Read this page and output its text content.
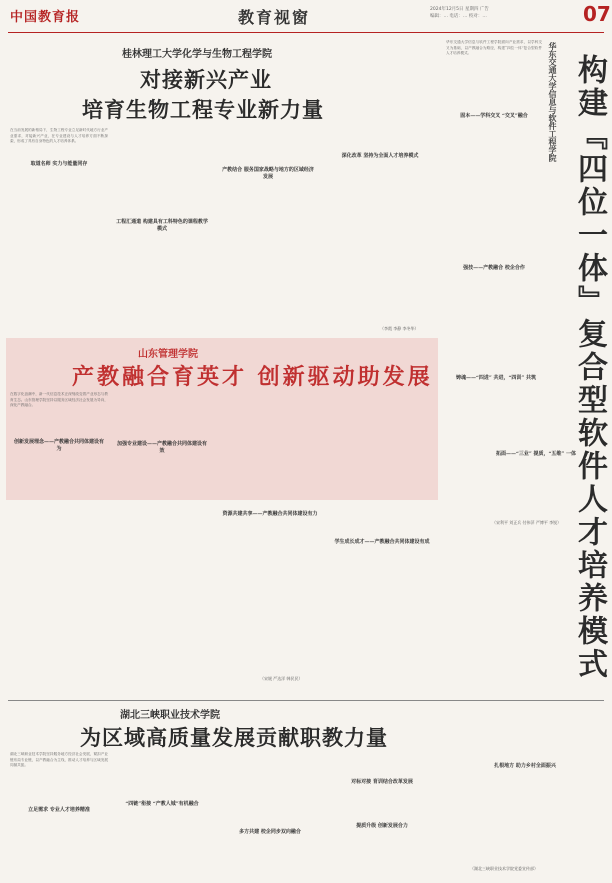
中国教育报	教育视窗	2024年12月5日 星期四 广告
编辑：… 电话：… 校对：…	07
桂林理工大学化学与生物工程学院
对接新兴产业
培育生物工程专业新力量
在当前发展的新格局下，生物工程专业立足新时代地方行业产业需求，对接新兴产业，在专业建设与人才培养方面不断探索，形成了具有自身特色的人才培养体系。
取道名师 实力与能量同存
工程汇通道 构建具有工科特色的课程教学模式
产教结合 服务国家战略与地方的区域经济发展
深化改革 坚持为全面人才培养模式
（李霞 李静 李冬华）
华东交通大学信息与软件工程学院 构建『四位一体』复合型软件人才培养模式
华东交通大学信息与软件工程学院面向产业需求，以学科交叉为基础，以产教融合为路径，构建“四位一体”复合型软件人才培养模式。
固本——学科交叉 “交叉”融合
强技——产教融合 校企合作
铸魂——“四进” 共进，“四训” 共筑
拓面——“三业” 提质，“五维” 一体
（宋利平 刘正兵 付伟萍 严博平 李锐）
山东管理学院
产教融合育英才 创新驱动助发展
在数字化浪潮中，新一代信息技术正深刻改变着产业形态与教育生态。山东管理学院坚持以服务区域经济社会发展为导向，深化产教融合。
创新发展理念——产教融合共同体建设有为
加强专业建设——产教融合共同体建设有效
资源共建共享——产教融合共同体建设有力
学生成长成才——产教融合共同体建设有成
（宋媛 严达洋 韩民民）
湖北三峡职业技术学院
为区域高质量发展贡献职教力量
湖北三峡职业技术学院坚持服务地方经济社会发展，紧扣产业链布局专业链，以产教融合为主线，推动人才培养与区域发展同频共振。
立足需求 专业人才培养精准
“四链”衔接 “产教人城”有机融合
多方共建 校企同步双向融合
对标对接 育训结合改革发展
提质升级 创新发展合力
扎根地方 助力乡村全面振兴
（湖北三峡职业技术学院党委宣传部）
